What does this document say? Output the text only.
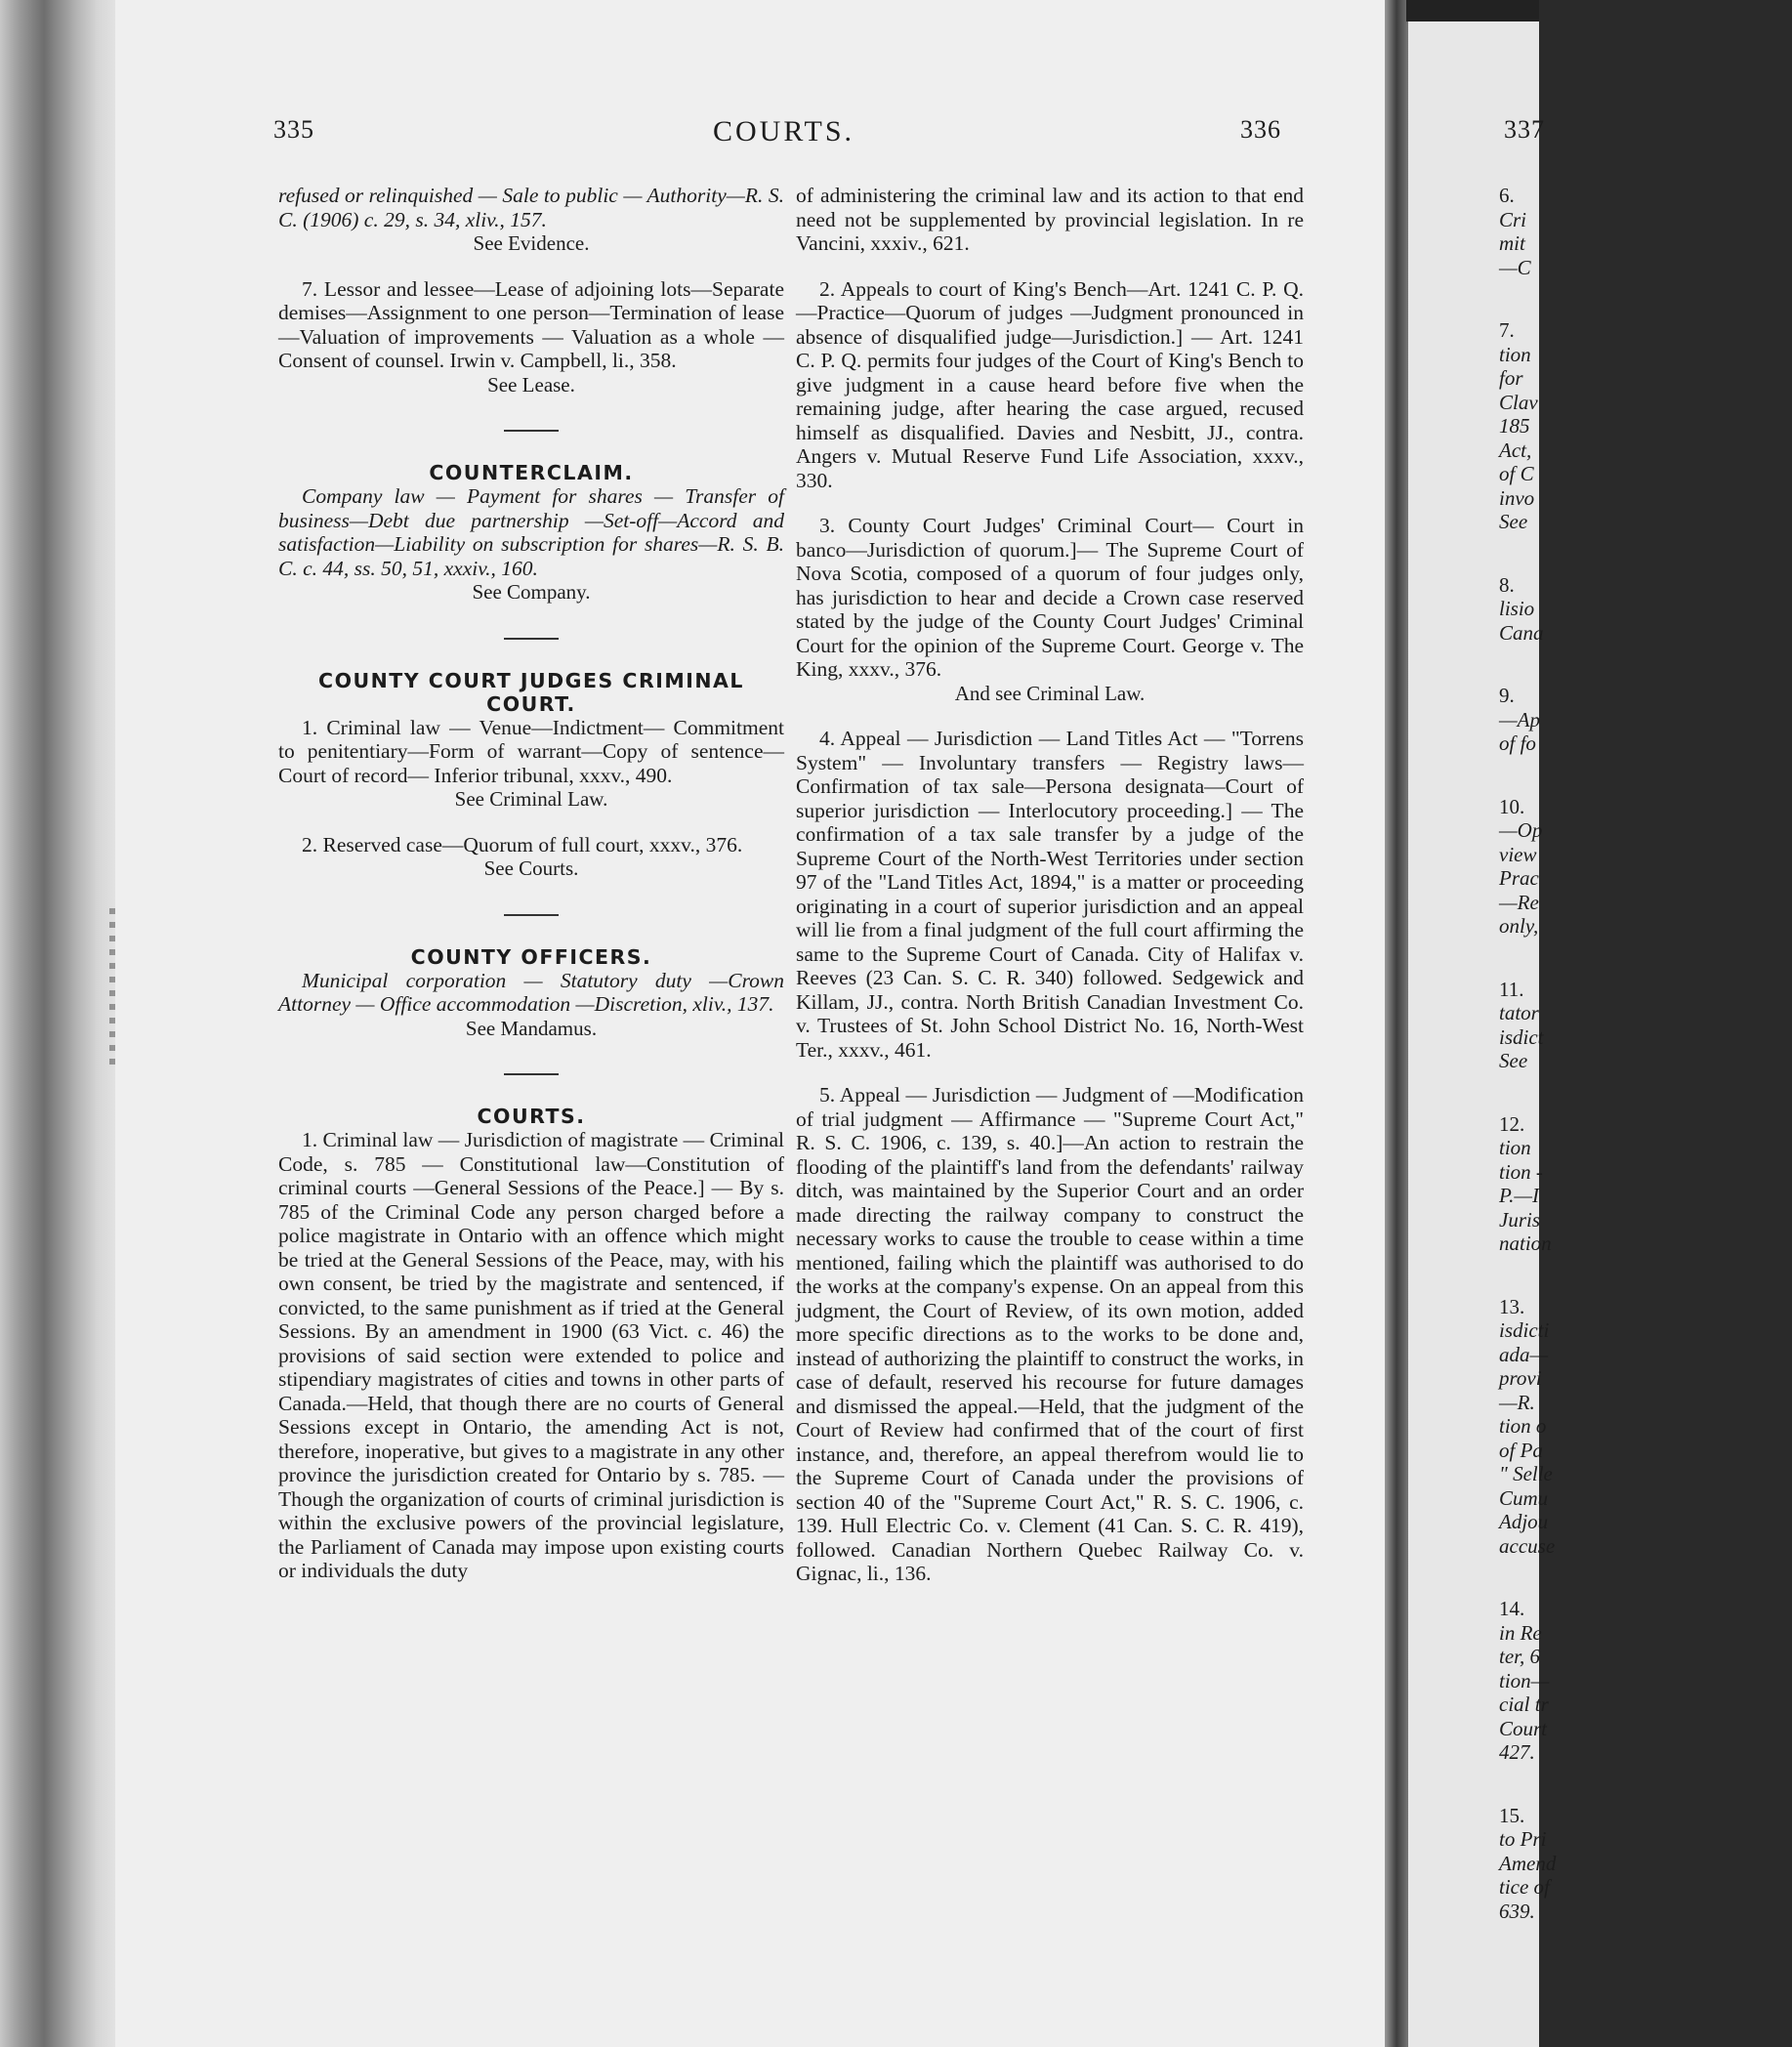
335	COURTS.	336	337

refused or relinquished — Sale to public — Authority—R. S. C. (1906) c. 29, s. 34, xliv., 157.

See Evidence.

7. Lessor and lessee—Lease of adjoining lots—Separate demises—Assignment to one person—Termination of lease—Valuation of improvements — Valuation as a whole — Consent of counsel. Irwin v. Campbell, li., 358.

See Lease.

COUNTERCLAIM.

Company law — Payment for shares — Transfer of business—Debt due partnership —Set-off—Accord and satisfaction—Liability on subscription for shares—R. S. B. C. c. 44, ss. 50, 51, xxxiv., 160.

See Company.

COUNTY COURT JUDGES CRIMINAL COURT.

1. Criminal law — Venue—Indictment— Commitment to penitentiary—Form of warrant—Copy of sentence—Court of record— Inferior tribunal, xxxv., 490.

See Criminal Law.

2. Reserved case—Quorum of full court, xxxv., 376.

See Courts.

COUNTY OFFICERS.

Municipal corporation — Statutory duty —Crown Attorney — Office accommodation —Discretion, xliv., 137.

See Mandamus.

COURTS.

1. Criminal law — Jurisdiction of magistrate — Criminal Code, s. 785 — Constitutional law—Constitution of criminal courts —General Sessions of the Peace.] — By s. 785 of the Criminal Code any person charged before a police magistrate in Ontario with an offence which might be tried at the General Sessions of the Peace, may, with his own consent, be tried by the magistrate and sentenced, if convicted, to the same punishment as if tried at the General Sessions. By an amendment in 1900 (63 Vict. c. 46) the provisions of said section were extended to police and stipendiary magistrates of cities and towns in other parts of Canada.—Held, that though there are no courts of General Sessions except in Ontario, the amending Act is not, therefore, inoperative, but gives to a magistrate in any other province the jurisdiction created for Ontario by s. 785. — Though the organization of courts of criminal jurisdiction is within the exclusive powers of the provincial legislature, the Parliament of Canada may impose upon existing courts or individuals the duty

of administering the criminal law and its action to that end need not be supplemented by provincial legislation. In re Vancini, xxxiv., 621.

2. Appeals to court of King's Bench—Art. 1241 C. P. Q.—Practice—Quorum of judges —Judgment pronounced in absence of disqualified judge—Jurisdiction.] — Art. 1241 C. P. Q. permits four judges of the Court of King's Bench to give judgment in a cause heard before five when the remaining judge, after hearing the case argued, recused himself as disqualified. Davies and Nesbitt, JJ., contra. Angers v. Mutual Reserve Fund Life Association, xxxv., 330.

3. County Court Judges' Criminal Court— Court in banco—Jurisdiction of quorum.]— The Supreme Court of Nova Scotia, composed of a quorum of four judges only, has jurisdiction to hear and decide a Crown case reserved stated by the judge of the County Court Judges' Criminal Court for the opinion of the Supreme Court. George v. The King, xxxv., 376.

And see Criminal Law.

4. Appeal — Jurisdiction — Land Titles Act — "Torrens System" — Involuntary transfers — Registry laws—Confirmation of tax sale—Persona designata—Court of superior jurisdiction — Interlocutory proceeding.] — The confirmation of a tax sale transfer by a judge of the Supreme Court of the North-West Territories under section 97 of the "Land Titles Act, 1894," is a matter or proceeding originating in a court of superior jurisdiction and an appeal will lie from a final judgment of the full court affirming the same to the Supreme Court of Canada. City of Halifax v. Reeves (23 Can. S. C. R. 340) followed. Sedgewick and Killam, JJ., contra. North British Canadian Investment Co. v. Trustees of St. John School District No. 16, North-West Ter., xxxv., 461.

5. Appeal — Jurisdiction — Judgment of —Modification of trial judgment — Affirmance — "Supreme Court Act," R. S. C. 1906, c. 139, s. 40.]—An action to restrain the flooding of the plaintiff's land from the defendants' railway ditch, was maintained by the Superior Court and an order made directing the railway company to construct the necessary works to cause the trouble to cease within a time mentioned, failing which the plaintiff was authorised to do the works at the company's expense. On an appeal from this judgment, the Court of Review, of its own motion, added more specific directions as to the works to be done and, instead of authorizing the plaintiff to construct the works, in case of default, reserved his recourse for future damages and dismissed the appeal.—Held, that the judgment of the Court of Review had confirmed that of the court of first instance, and, therefore, an appeal therefrom would lie to the Supreme Court of Canada under the provisions of section 40 of the "Supreme Court Act," R. S. C. 1906, c. 139. Hull Electric Co. v. Clement (41 Can. S. C. R. 419), followed. Canadian Northern Quebec Railway Co. v. Gignac, li., 136.

6.
Cri
mit
—C
7.
tion
for
Clav
185
Act,
of C
invo
See
8.
lisio
Cana
9.
—Ap
of fo
10.
—Op
view
Prac
—Re
only,
11.
tator
isdict
See
12.
tion
tion -
P.—I
Juris
nation
13.
isdicti
ada—
provi
—R.
tion o
of Pa
" Selle
Cumu
Adjou
accuse
14.
in Re
ter, 6
tion—
cial tr
Court
427.
15.
to Pri
Amend
tice of
639.
